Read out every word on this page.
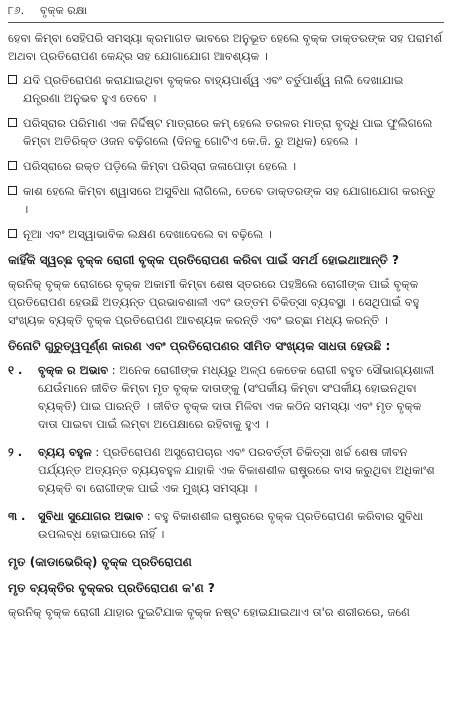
୮୬.	ବୃକ୍କ ରକ୍ଷା

ହେବା କିମ୍ବା ସେହିପରି ସମସ୍ୟା କ୍ରମାଗତ ଭାବରେ ଅନୁଭୂତ ହେଲେ ବୃକ୍କ ଡାକ୍ତରଙ୍କ ସହ ପରାମର୍ଶ ଅଥବା ପ୍ରତିରୋପଣ କେନ୍ଦ୍ର ସହ ଯୋଗାଯୋଗ ଆବଶ୍ୟକ ।

ଯଦି ପ୍ରତିରୋପଣ କରାଯାଇଥିବା ବୃକ୍କର ବାହ୍ୟପାର୍ଶ୍ୱ ଏବଂ ଚର୍ତୁପାର୍ଶ୍ୱ ନାଲି ଦେଖାଯାଇ ଯନ୍ତ୍ରଣା ଅନୁଭବ ହୁଏ ତେବେ ।
ପରିସ୍ରାର ପରିମାଣ ଏକ ନିର୍ଦ୍ଦିଷ୍ଟ ମାତ୍ରାରେ କମ୍ ହେଲେ ତରଳର ମାତ୍ରା ବୃଦ୍ଧି ପାଇ ଫୁଲିଗଲେ କିମ୍ବା ଅତିରିକ୍ତ ଓଜନ ବଢ଼ିଗଲେ (ଦିନକୁ ଗୋଟିଏ କେ.ଜି. ରୁ ଅଧିକ) ହେଲେ ।
ପରିସ୍ରାରେ ରକ୍ତ ପଡ଼ିଲେ କିମ୍ବା ପରିସ୍ରା ଜଳାପୋଡ଼ା ହେଲେ ।
କାଶ ହେଲେ କିମ୍ବା ଶ୍ୱାସରେ ଅସୁବିଧା ଲାଗିଲେ, ତେବେ ଡାକ୍ତରଙ୍କ ସହ ଯୋଗାଯୋଗ କରନ୍ତୁ ।
ନୂଆ ଏବଂ ଅସ୍ୱାଭାବିକ ଲକ୍ଷଣ ଦେଖାଦେଲେ ବା ବଢ଼ିଲେ ।
କାହିଁକି ସ୍ୱଚ୍ଛ ବୃକ୍କ ରୋଗୀ ବୃକ୍କ ପ୍ରତିରୋପଣ କରିବା ପାଇଁ ସମର୍ଥ ହୋଇଥାଆନ୍ତି ?

କ୍ରନିକ୍ ବୃକ୍କ ରୋଗରେ ବୃକ୍କ ଅକାମୀ କିମ୍ବା ଶେଷ ସ୍ତରରେ ପହଞ୍ଚିଲେ ରୋଗୀଙ୍କ ପାଇଁ ବୃକ୍କ ପ୍ରତିରୋପଣ ହେଉଛି ଅତ୍ୟନ୍ତ ପ୍ରଭାବଶାଳୀ ଏବଂ ଉତ୍ତମ ଚିକିତ୍ସା ବ୍ୟବସ୍ଥା । ସେଥିପାଇଁ ବହୁ ସଂଖ୍ୟକ ବ୍ୟକ୍ତି ବୃକ୍କ ପ୍ରତିରୋପଣ ଆବଶ୍ୟକ କରନ୍ତି ଏବଂ ଇଚ୍ଛା ମଧ୍ୟ କରନ୍ତି ।

ତିନୋଟି ଗୁରୁତ୍ୱପୂର୍ଣ୍ଣ କାରଣ ଏବଂ ପ୍ରତିରୋପଣର ସୀମିତ ସଂଖ୍ୟକ ସାଧତା ହେଉଛି :
୧ .	ବୃକ୍କ ର ଅଭାବ : ଅନେକ ରୋଗୀଙ୍କ ମଧ୍ୟରୁ ଅଳ୍ପ କେତେକ ରୋଗୀ ବହୁତ ସୌଭାଗ୍ୟଶାଳୀ ଯେଉଁମାନେ ଜୀବିତ କିମ୍ବା ମୃତ ବୃକ୍କ ଦାତାଙ୍କୁ (ସଂପର୍କୀୟ କିମ୍ବା ସଂପର୍କୀୟ ହୋଇନଥିବା ବ୍ୟକ୍ତି) ପାଇ ପାରନ୍ତି । ଜୀବିତ ବୃକ୍କ ଦାତା ମିଳିବା ଏକ କଠିନ ସମସ୍ୟା ଏବଂ ମୃତ ବୃକ୍କ ଦାତା ପାଇବା ପାଇଁ ଲମ୍ବା ଅପେକ୍ଷାରେ ରହିବାକୁ ହୁଏ ।
୨ .	ବ୍ୟୟ ବହୁଳ : ପ୍ରତିରୋପଣ ଅସ୍ତ୍ରୋପଚାର ଏବଂ ପରବର୍ତ୍ତୀ ଚିକିତ୍ସା ଖର୍ଚ୍ଚ ଶେଷ ଜୀବନ ପର୍ଯ୍ୟନ୍ତ ଅତ୍ୟନ୍ତ ବ୍ୟୟବହୁଳ ଯାହାକି ଏକ ବିକାଶଶୀଳ ରାଷ୍ଟ୍ରରେ ବାସ କରୁଥିବା ଅଧିକାଂଶ ବ୍ୟକ୍ତି ବା ରୋଗୀଙ୍କ ପାଇଁ ଏକ ମୁଖ୍ୟ ସମସ୍ୟା ।
୩ .	ସୁବିଧା ସୁଯୋଗର ଅଭାବ : ବହୁ ବିକାଶଶୀଳ ରାଷ୍ଟ୍ରରେ ବୃକ୍କ ପ୍ରତିରୋପଣ କରିବାର ସୁବିଧା ଉପଲବ୍ଧ ହୋଇପାରେ ନାହିଁ ।
ମୃତ (କାଡାଭେରିକ୍) ବୃକ୍କ ପ୍ରତିରୋପଣ
ମୃତ ବ୍ୟକ୍ତିର ବୃକ୍କର ପ୍ରତିରୋପଣ କ'ଣ ?

କ୍ରନିକ୍ ବୃକ୍କ ରୋଗୀ ଯାହାର ଦୁଇଟିଯାକ ବୃକ୍କ ନଷ୍ଟ ହୋଇଯାଇଥାଏ ତା'ର ଶରୀରରେ, ଜଣେ
